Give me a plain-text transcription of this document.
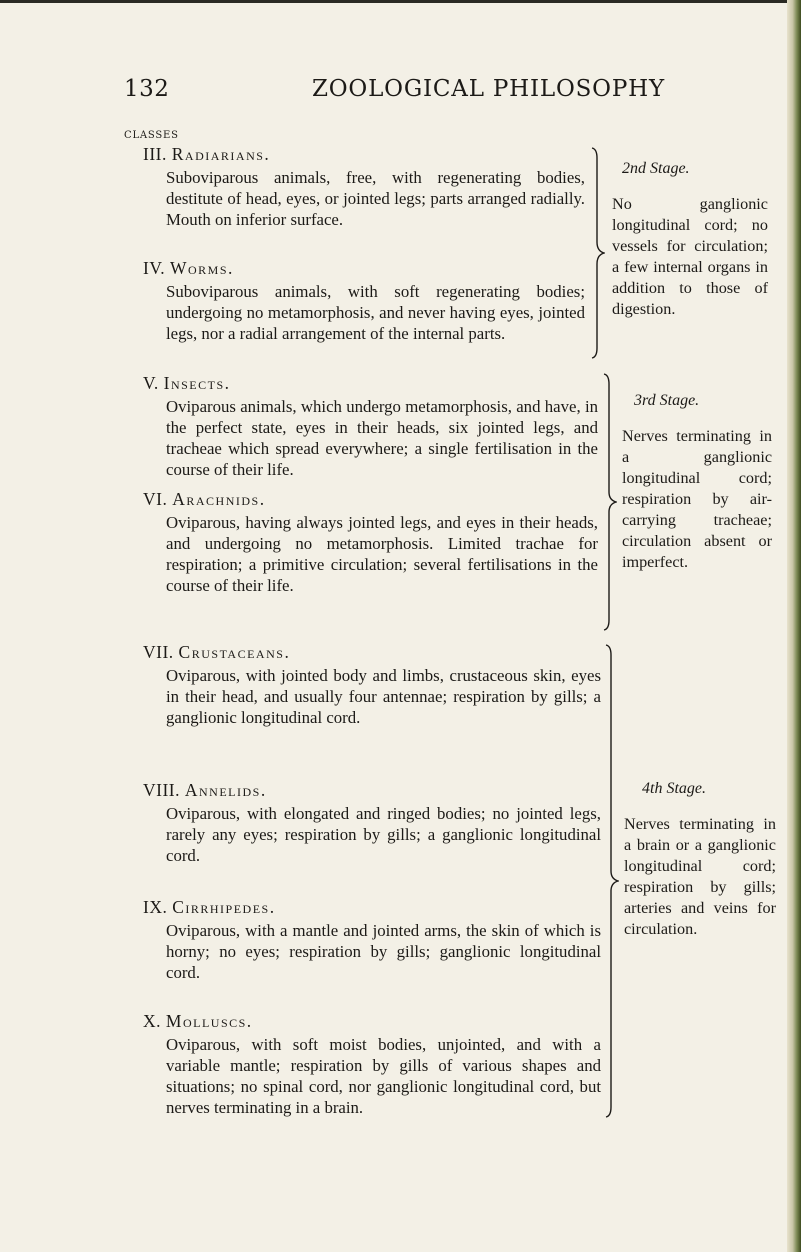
132	ZOOLOGICAL PHILOSOPHY
CLASSES
III. Radiarians.
Suboviparous animals, free, with regenerating bodies, destitute of head, eyes, or jointed legs; parts arranged radially. Mouth on inferior surface.
IV. Worms.
Suboviparous animals, with soft regenerating bodies; undergoing no metamorphosis, and never having eyes, jointed legs, nor a radial arrangement of the internal parts.
2nd Stage.
No ganglionic longitudinal cord; no vessels for circulation; a few internal organs in addition to those of digestion.
V. Insects.
Oviparous animals, which undergo metamorphosis, and have, in the perfect state, eyes in their heads, six jointed legs, and tracheae which spread everywhere; a single fertilisation in the course of their life.
VI. Arachnids.
Oviparous, having always jointed legs, and eyes in their heads, and undergoing no metamorphosis. Limited trachae for respiration; a primitive circulation; several fertilisations in the course of their life.
3rd Stage.
Nerves terminating in a ganglionic longitudinal cord; respiration by air-carrying tracheae; circulation absent or imperfect.
VII. Crustaceans.
Oviparous, with jointed body and limbs, crustaceous skin, eyes in their head, and usually four antennae; respiration by gills; a ganglionic longitudinal cord.
VIII. Annelids.
Oviparous, with elongated and ringed bodies; no jointed legs, rarely any eyes; respiration by gills; a ganglionic longitudinal cord.
IX. Cirrhipedes.
Oviparous, with a mantle and jointed arms, the skin of which is horny; no eyes; respiration by gills; ganglionic longitudinal cord.
X. Molluscs.
Oviparous, with soft moist bodies, unjointed, and with a variable mantle; respiration by gills of various shapes and situations; no spinal cord, nor ganglionic longitudinal cord, but nerves terminating in a brain.
4th Stage.
Nerves terminating in a brain or a ganglionic longitudinal cord; respiration by gills; arteries and veins for circulation.
